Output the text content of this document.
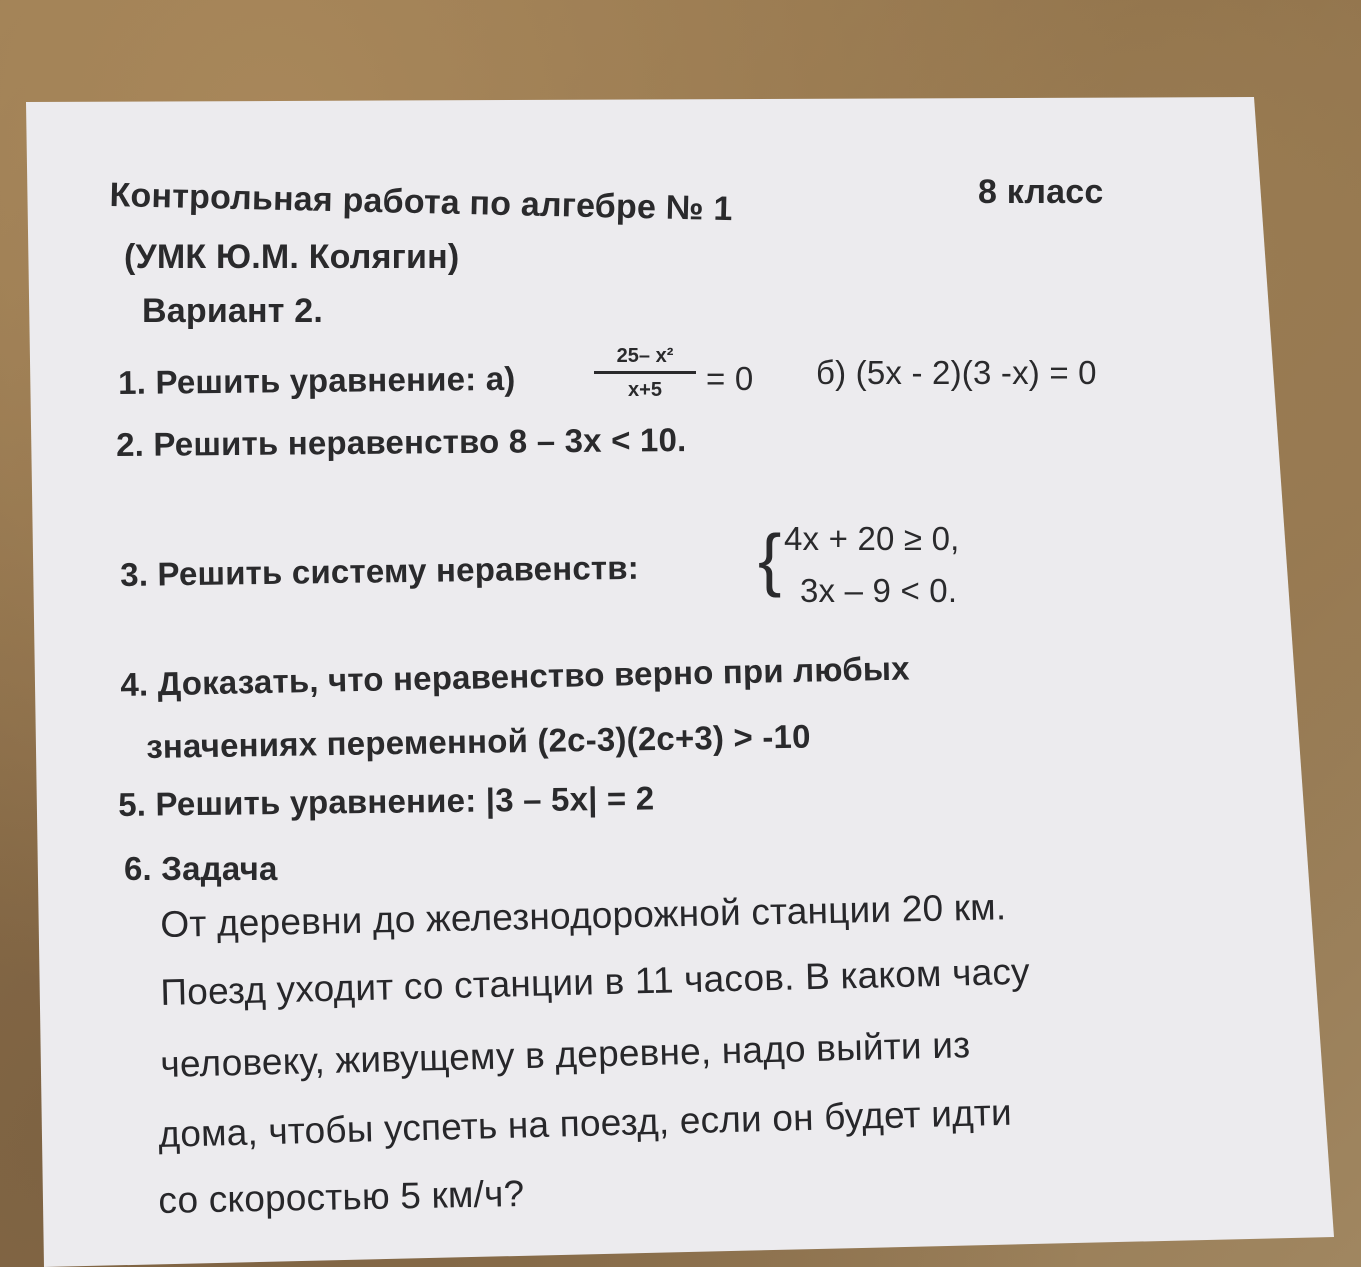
Контрольная работа по алгебре № 1	8 класс
(УМК Ю.М. Колягин)
Вариант 2.
1. Решить уравнение: а)
25– x²
x+5	= 0 б) (5x - 2)(3 -x) = 0
2. Решить неравенство 8 – 3x < 10.
3. Решить систему неравенств: { 4x + 20 ≥ 0,
3x – 9 < 0.
4. Доказать, что неравенство верно при любых
значениях переменной (2c-3)(2c+3) > -10
5. Решить уравнение: |3 – 5x| = 2
6. Задача
От деревни до железнодорожной станции 20 км.
Поезд уходит со станции в 11 часов. В каком часу
человеку, живущему в деревне, надо выйти из
дома, чтобы успеть на поезд, если он будет идти
со скоростью 5 км/ч?
